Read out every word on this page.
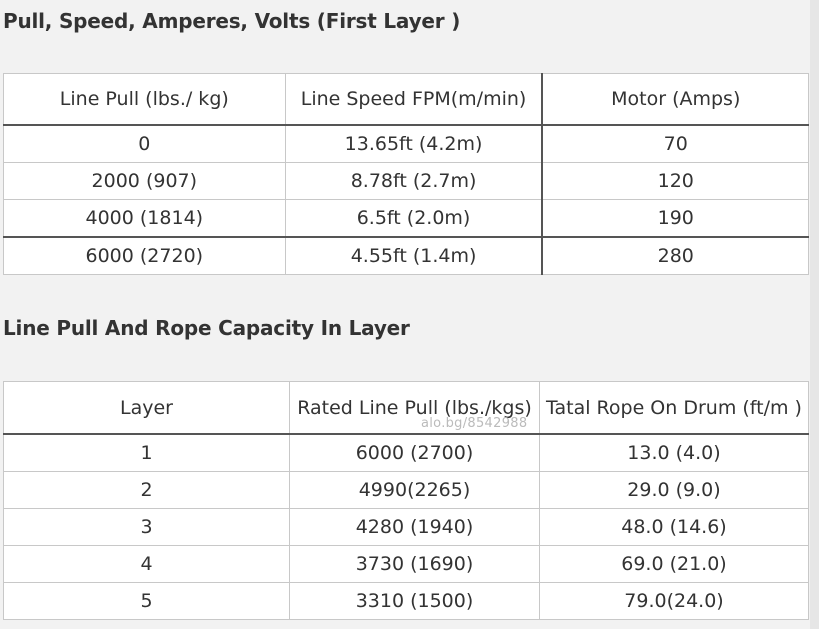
Pull, Speed, Amperes, Volts (First Layer )
Line Pull (lbs./ kg)	Line Speed FPM(m/min)	Motor (Amps)
0	13.65ft (4.2m)	70
2000 (907)	8.78ft (2.7m)	120
4000 (1814)	6.5ft (2.0m)	190
6000 (2720)	4.55ft (1.4m)	280
Line Pull And Rope Capacity In Layer
Layer	Rated Line Pull (lbs./kgs)	Tatal Rope On Drum (ft/m )
1	6000 (2700)	13.0 (4.0)
2	4990(2265)	29.0 (9.0)
3	4280 (1940)	48.0 (14.6)
4	3730 (1690)	69.0 (21.0)
5	3310 (1500)	79.0(24.0)
alo.bg/8542988
